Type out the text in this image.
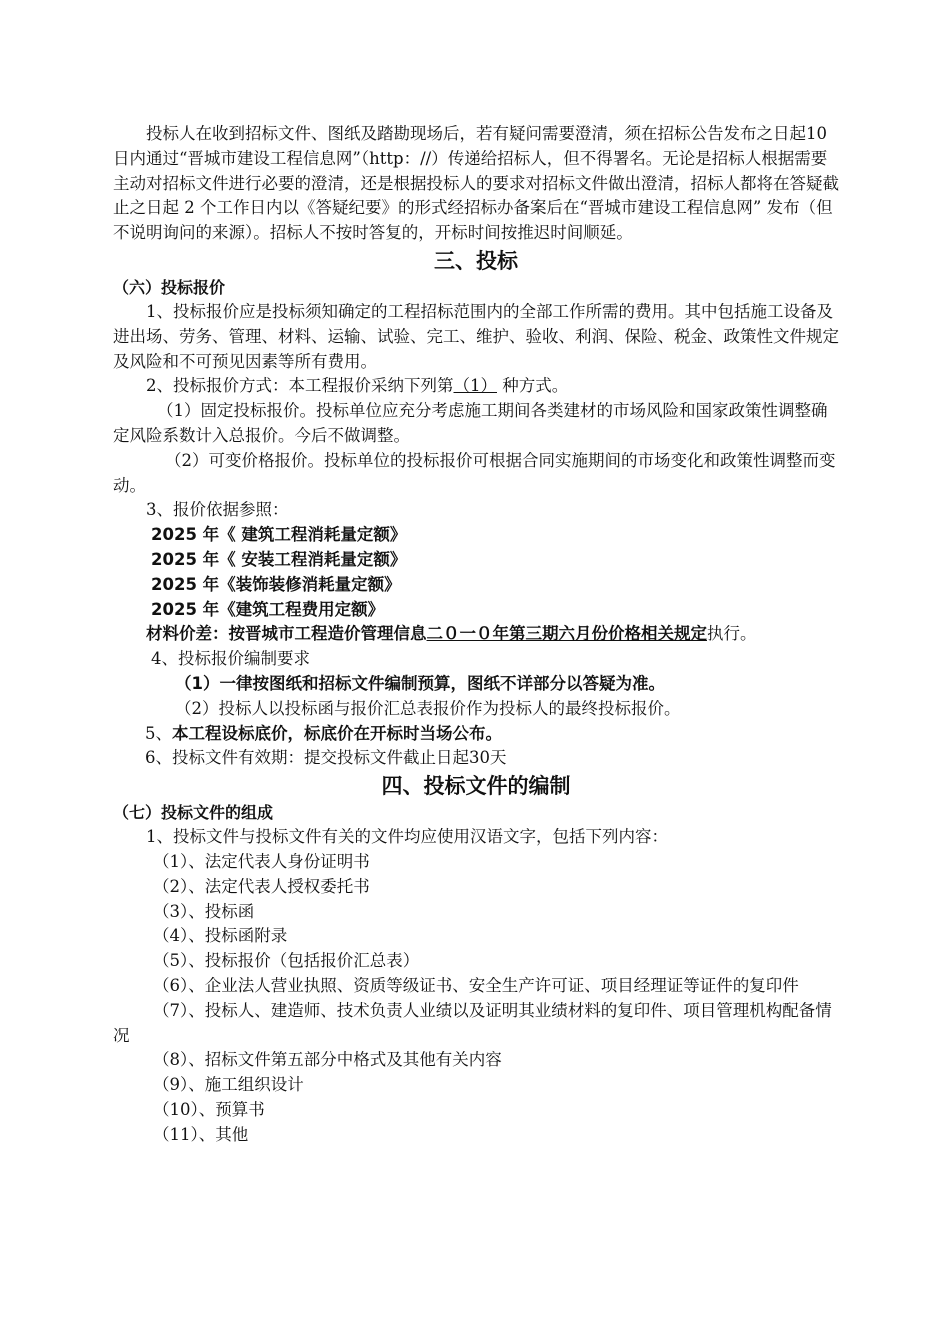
投标人在收到招标文件、图纸及踏勘现场后，若有疑问需要澄清，须在招标公告发布之日起10日内通过“晋城市建设工程信息网”（http：//）传递给招标人，但不得署名。无论是招标人根据需要主动对招标文件进行必要的澄清，还是根据投标人的要求对招标文件做出澄清，招标人都将在答疑截止之日起 2 个工作日内以《答疑纪要》的形式经招标办备案后在“晋城市建设工程信息网” 发布（但不说明询问的来源）。招标人不按时答复的，开标时间按推迟时间顺延。

三、投标

（六）投标报价

1、投标报价应是投标须知确定的工程招标范围内的全部工作所需的费用。其中包括施工设备及进出场、劳务、管理、材料、运输、试验、完工、维护、验收、利润、保险、税金、政策性文件规定及风险和不可预见因素等所有费用。

2、投标报价方式：本工程报价采纳下列第（1） 种方式。

（1）固定投标报价。投标单位应充分考虑施工期间各类建材的市场风险和国家政策性调整确定风险系数计入总报价。今后不做调整。

（2）可变价格报价。投标单位的投标报价可根据合同实施期间的市场变化和政策性调整而变动。

3、报价依据参照：

2025 年《 建筑工程消耗量定额》

2025 年《 安装工程消耗量定额》

2025 年《装饰装修消耗量定额》

2025 年《建筑工程费用定额》

材料价差：按晋城市工程造价管理信息二０一０年第三期六月份价格相关规定执行。

4、投标报价编制要求

（1）一律按图纸和招标文件编制预算，图纸不详部分以答疑为准。

（2）投标人以投标函与报价汇总表报价作为投标人的最终投标报价。

5、本工程设标底价，标底价在开标时当场公布。

6、投标文件有效期：提交投标文件截止日起30天

四、投标文件的编制

（七）投标文件的组成

1、投标文件与投标文件有关的文件均应使用汉语文字，包括下列内容：

（1）、法定代表人身份证明书

（2）、法定代表人授权委托书

（3）、投标函

（4）、投标函附录

（5）、投标报价（包括报价汇总表）

（6）、企业法人营业执照、资质等级证书、安全生产许可证、项目经理证等证件的复印件

（7）、投标人、建造师、技术负责人业绩以及证明其业绩材料的复印件、项目管理机构配备情况

（8）、招标文件第五部分中格式及其他有关内容

（9）、施工组织设计

（10）、预算书

（11）、其他
